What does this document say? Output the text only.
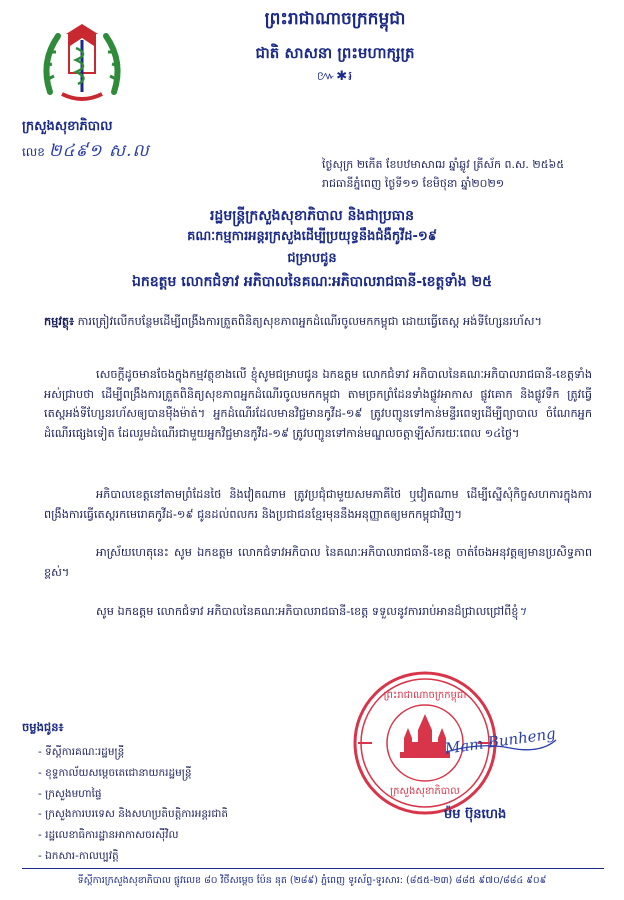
ព្រះរាជាណាចក្រកម្ពុជា
ជាតិ សាសនា ព្រះមហាក្សត្រ
៚✱៛
ក្រសួងសុខាភិបាល
លេខ ២៤៩១ ស.ល
ថ្ងៃសុក្រ ២កើត ខែបឋមាសាឍ ឆ្នាំឆ្លូវ ត្រីស័ក ព.ស. ២៥៦៥
រាជធានីភ្នំពេញ ថ្ងៃទី១១ ខែមិថុនា ឆ្នាំ២០២១
រដ្ឋមន្ត្រីក្រសួងសុខាភិបាល និងជាប្រធាន
គណៈកម្មការអន្តរក្រសួងដើម្បីប្រយុទ្ធនឹងជំងឺកូវីដ-១៩
ជម្រាបជូន
ឯកឧត្តម លោកជំទាវ អភិបាលនៃគណៈអភិបាលរាជធានី-ខេត្តទាំង ២៥
កម្មវត្ថុ៖ ការត្រៀវលើកបន្ថែមដើម្បីពង្រឹងការត្រួតពិនិត្យសុខភាពអ្នកដំណើរចូលមកកម្ពុជា ដោយធ្វើតេស្ត អង់ទីហ្សែនរហ័ស។
សេចក្តីដូចមានចែងក្នុងកម្មវត្ថុខាងលើ ខ្ញុំសូមជម្រាបជូន ឯកឧត្តម លោកជំទាវ អភិបាលនៃគណៈអភិបាលរាជធានី-ខេត្តទាំងអស់ជ្រាបថា ដើម្បីពង្រឹងការត្រួតពិនិត្យសុខភាពអ្នកដំណើរចូលមកកម្ពុជា តាមច្រកព្រំដែនទាំងផ្លូវអាកាស ផ្លូវគោក និងផ្លូវទឹក ត្រូវធ្វើតេស្តអង់ទីហ្សែនរហ័សឲ្យបានម៉ឺងម៉ាត់។ អ្នកដំណើរដែលមានវិជ្ជមានកូវីដ-១៩ ត្រូវបញ្ជូនទៅកាន់មន្ទីរពេទ្យដើម្បីព្យាបាល ចំណែកអ្នកដំណើរផ្សេងទៀត ដែលរួមដំណើរជាមួយអ្នកវិជ្ជមានកូវីដ-១៩ ត្រូវបញ្ជូនទៅកាន់មណ្ឌលចត្តាឡីស័ករយៈពេល ១៤ថ្ងៃ។
អភិបាលខេត្តនៅតាមព្រំដែនថៃ និងវៀតណាម ត្រូវប្រជុំជាមួយសមភាគីថៃ ឬវៀតណាម ដើម្បីស្នើសុំកិច្ចសហការក្នុងការពង្រឹងការធ្វើតេស្តរកមេរោគកូវីដ-១៩ ជូនដល់ពលករ និងប្រជាជនខ្មែរមុននឹងអនុញ្ញាតឲ្យមកកម្ពុជាវិញ។
អាស្រ័យហេតុនេះ សូម ឯកឧត្តម លោកជំទាវអភិបាល នៃគណៈអភិបាលរាជធានី-ខេត្ត ចាត់ចែងអនុវត្តឲ្យមានប្រសិទ្ធភាពខ្ពស់។
សូម ឯកឧត្តម លោកជំទាវ អភិបាលនៃគណៈអភិបាលរាជធានី-ខេត្ត ទទួលនូវការរាប់អានដ៏ជ្រាលជ្រៅពីខ្ញុំ។
ចម្លងជូន៖
- ទីស្តីការគណៈរដ្ឋមន្ត្រី
- ខុទ្ទកាល័យសម្តេចតេជោនាយករដ្ឋមន្ត្រី
- ក្រសួងមហាផ្ទៃ
- ក្រសួងការបរទេស និងសហប្រតិបត្តិការអន្តរជាតិ
- រដ្ឋលេខាធិការដ្ឋានអាកាសចរស៊ីវិល
- ឯកសារ-កាលប្បវត្តិ
ព្រះរាជាណាចក្រកម្ពុជា
ក្រសួងសុខាភិបាល
Mam Bunheng
ម៉ម ប៊ុនហេង
ទីស្តីការក្រសួងសុខាភិបាល ផ្លូវលេខ ៨០ វិថីសម្តេច ប៉ែន នុត (២៨៩) ភ្នំពេញ ទូរស័ព្ទ-ទូរសារ: (៨៥៥-២៣) ៨៨៥ ៩៧០/៨៨៤ ៩០៩
